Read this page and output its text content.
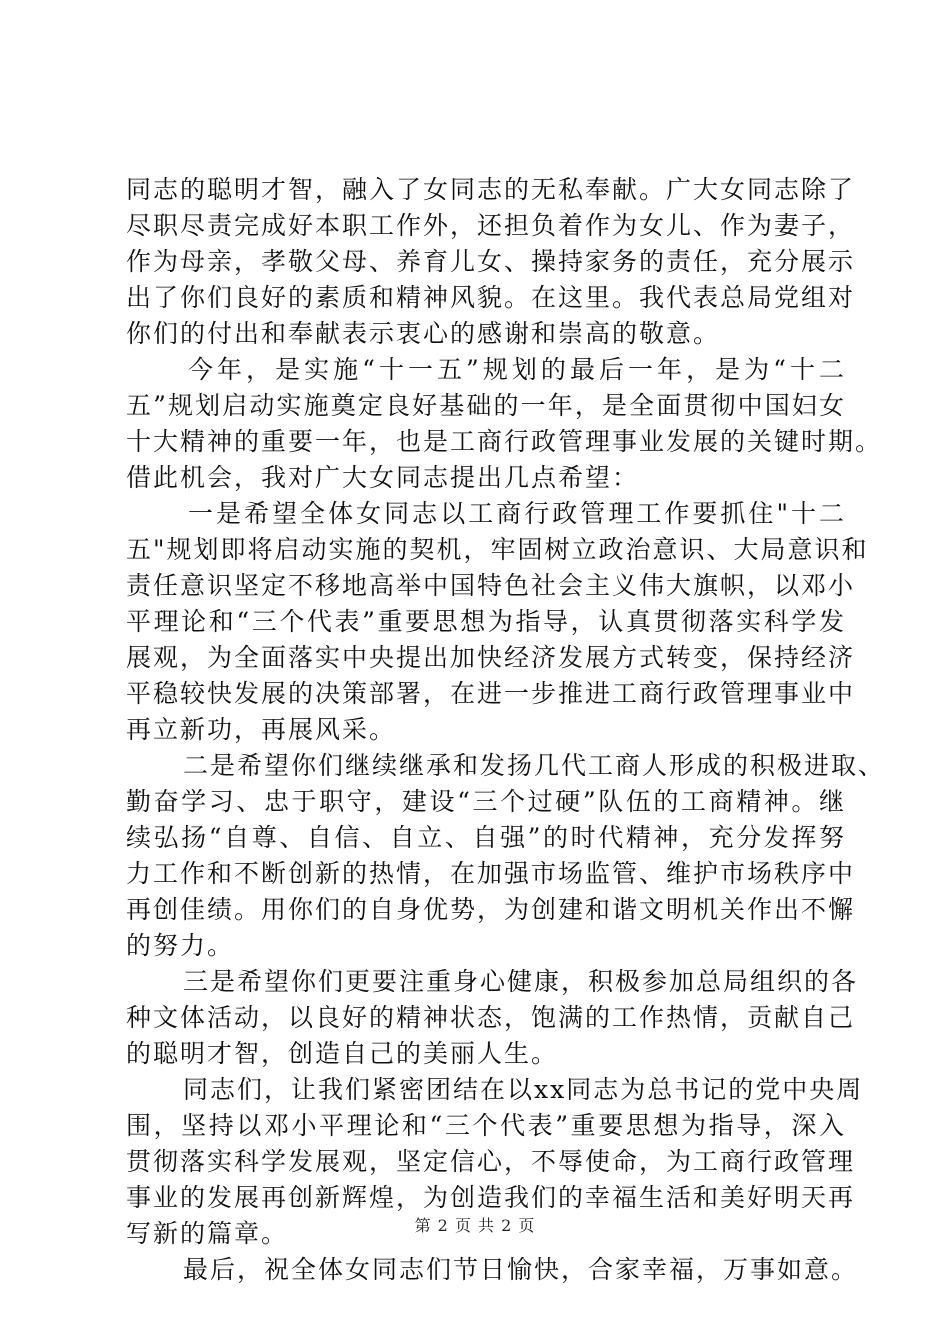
同志的聪明才智，融入了女同志的无私奉献。广大女同志除了
尽职尽责完成好本职工作外，还担负着作为女儿、作为妻子，
作为母亲，孝敬父母、养育儿女、操持家务的责任，充分展示
出了你们良好的素质和精神风貌。在这里。我代表总局党组对
你们的付出和奉献表示衷心的感谢和崇高的敬意。
今年，是实施“十一五”规划的最后一年，是为“十二
五”规划启动实施奠定良好基础的一年，是全面贯彻中国妇女
十大精神的重要一年，也是工商行政管理事业发展的关键时期。
借此机会，我对广大女同志提出几点希望：
一是希望全体女同志以工商行政管理工作要抓住"十二
五"规划即将启动实施的契机，牢固树立政治意识、大局意识和
责任意识坚定不移地高举中国特色社会主义伟大旗帜，以邓小
平理论和“三个代表”重要思想为指导，认真贯彻落实科学发
展观，为全面落实中央提出加快经济发展方式转变，保持经济
平稳较快发展的决策部署，在进一步推进工商行政管理事业中
再立新功，再展风采。
二是希望你们继续继承和发扬几代工商人形成的积极进取、
勤奋学习、忠于职守，建设“三个过硬”队伍的工商精神。继
续弘扬“自尊、自信、自立、自强”的时代精神，充分发挥努
力工作和不断创新的热情，在加强市场监管、维护市场秩序中
再创佳绩。用你们的自身优势，为创建和谐文明机关作出不懈
的努力。
三是希望你们更要注重身心健康，积极参加总局组织的各
种文体活动，以良好的精神状态，饱满的工作热情，贡献自己
的聪明才智，创造自己的美丽人生。
同志们，让我们紧密团结在以xx同志为总书记的党中央周
围，坚持以邓小平理论和“三个代表”重要思想为指导，深入
贯彻落实科学发展观，坚定信心，不辱使命，为工商行政管理
事业的发展再创新辉煌，为创造我们的幸福生活和美好明天再
写新的篇章。
最后，祝全体女同志们节日愉快，合家幸福，万事如意。
第 2 页 共 2 页
